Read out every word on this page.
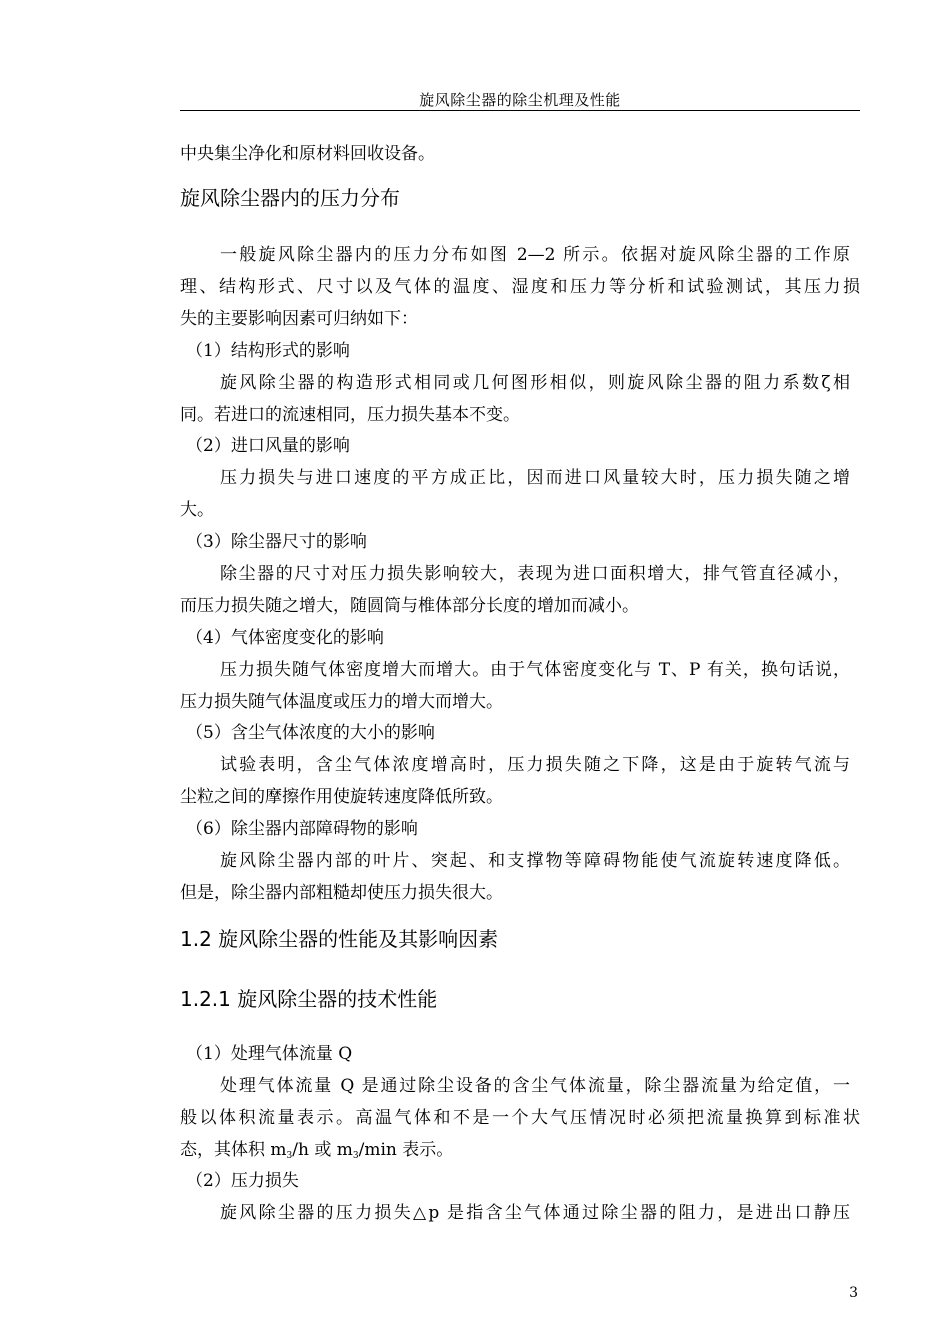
旋风除尘器的除尘机理及性能
中央集尘净化和原材料回收设备。
旋风除尘器内的压力分布
一般旋风除尘器内的压力分布如图 2—2 所示。依据对旋风除尘器的工作原
理、结构形式、尺寸以及气体的温度、湿度和压力等分析和试验测试，其压力损
失的主要影响因素可归纳如下：
（1）结构形式的影响
旋风除尘器的构造形式相同或几何图形相似，则旋风除尘器的阻力系数ζ相
同。若进口的流速相同，压力损失基本不变。
（2）进口风量的影响
压力损失与进口速度的平方成正比，因而进口风量较大时，压力损失随之增
大。
（3）除尘器尺寸的影响
除尘器的尺寸对压力损失影响较大，表现为进口面积增大，排气管直径减小，
而压力损失随之增大，随圆筒与椎体部分长度的增加而减小。
（4）气体密度变化的影响
压力损失随气体密度增大而增大。由于气体密度变化与 T、P 有关，换句话说，
压力损失随气体温度或压力的增大而增大。
（5）含尘气体浓度的大小的影响
试验表明，含尘气体浓度增高时，压力损失随之下降，这是由于旋转气流与
尘粒之间的摩擦作用使旋转速度降低所致。
（6）除尘器内部障碍物的影响
旋风除尘器内部的叶片、突起、和支撑物等障碍物能使气流旋转速度降低。
但是，除尘器内部粗糙却使压力损失很大。
1.2 旋风除尘器的性能及其影响因素
1.2.1 旋风除尘器的技术性能
（1）处理气体流量 Q
处理气体流量 Q 是通过除尘设备的含尘气体流量，除尘器流量为给定值，一
般以体积流量表示。高温气体和不是一个大气压情况时必须把流量换算到标准状
态，其体积 m3/h 或 m3/min 表示。
（2）压力损失
旋风除尘器的压力损失△p 是指含尘气体通过除尘器的阻力，是进出口静压
3
